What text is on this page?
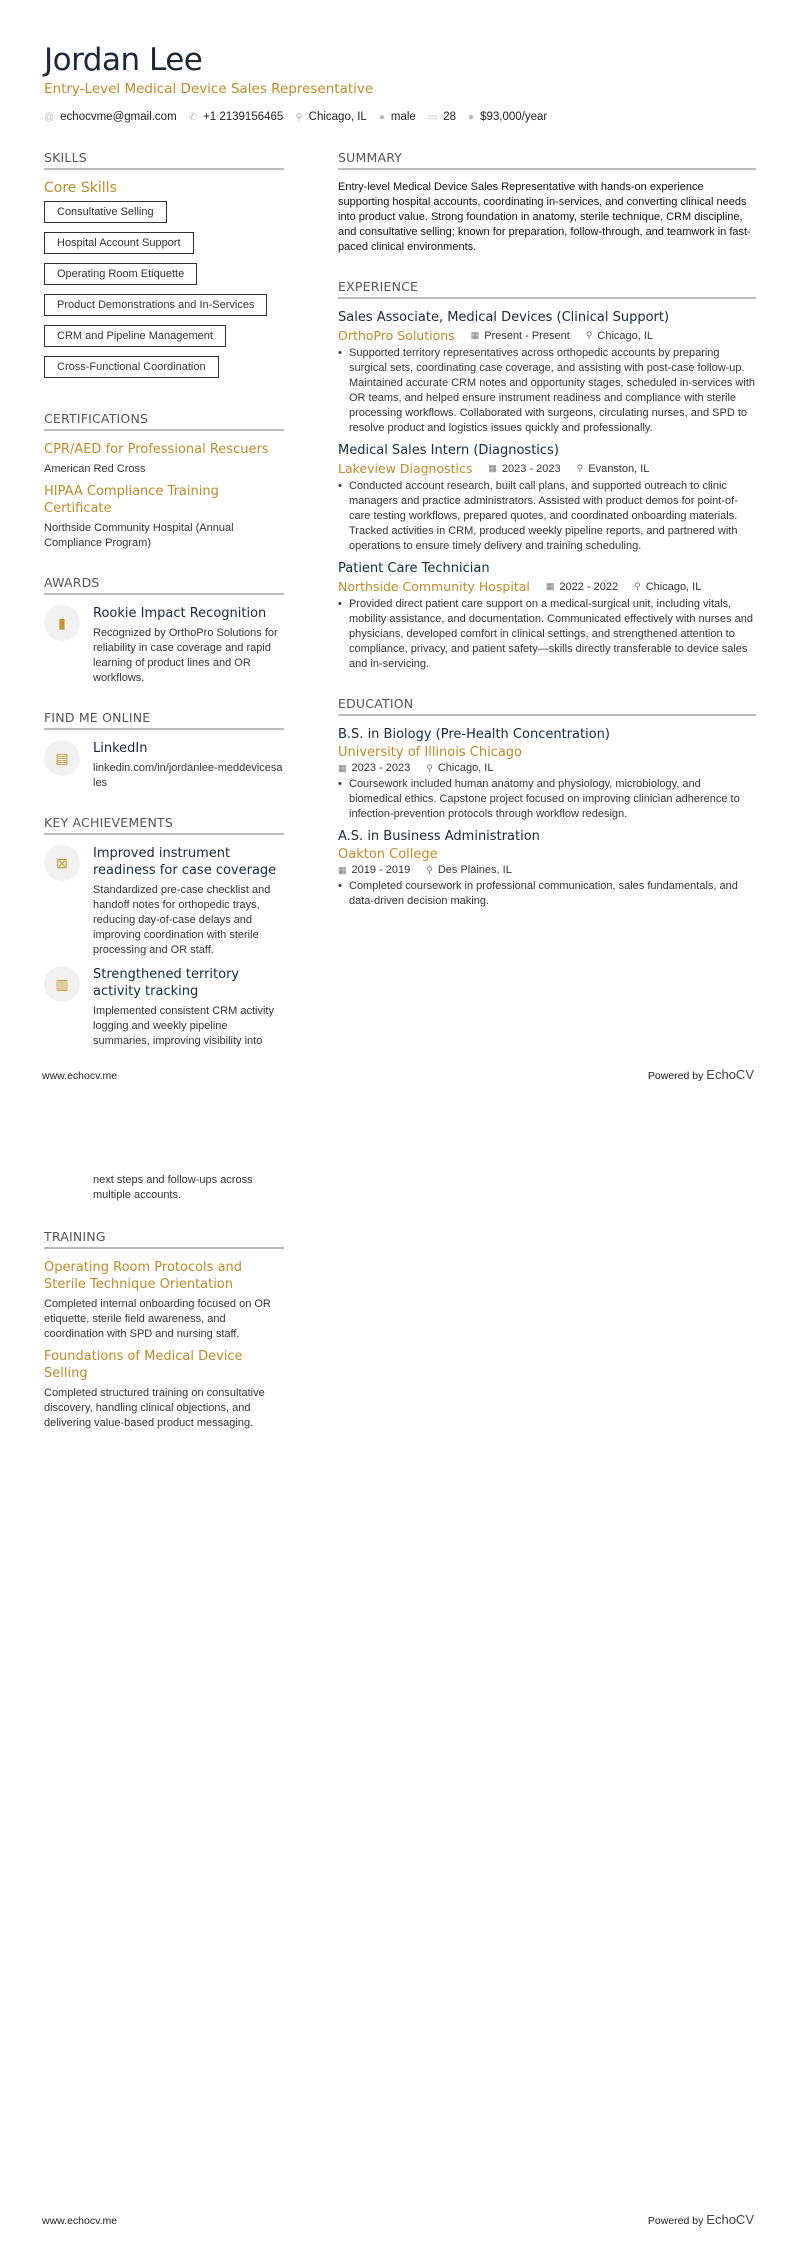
Jordan Lee
Entry-Level Medical Device Sales Representative
@ echocvme@gmail.com ✆ +1 2139156465 ⚲ Chicago, IL ● male ▭ 28 ● $93,000/year
SKILLS
Core Skills
Consultative Selling
Hospital Account Support
Operating Room Etiquette
Product Demonstrations and In-Services
CRM and Pipeline Management
Cross-Functional Coordination
CERTIFICATIONS
CPR/AED for Professional Rescuers
American Red Cross
HIPAA Compliance Training Certificate
Northside Community Hospital (Annual Compliance Program)
AWARDS
▮
Rookie Impact Recognition
Recognized by OrthoPro Solutions for reliability in case coverage and rapid learning of product lines and OR workflows.
FIND ME ONLINE
▤
LinkedIn
linkedin.com/in/jordanlee-meddevicesales
KEY ACHIEVEMENTS
⊠
Improved instrument readiness for case coverage
Standardized pre-case checklist and handoff notes for orthopedic trays, reducing day-of-case delays and improving coordination with sterile processing and OR staff.
▥
Strengthened territory activity tracking
Implemented consistent CRM activity logging and weekly pipeline summaries, improving visibility into
SUMMARY
Entry-level Medical Device Sales Representative with hands-on experience supporting hospital accounts, coordinating in-services, and converting clinical needs into product value. Strong foundation in anatomy, sterile technique, CRM discipline, and consultative selling; known for preparation, follow-through, and teamwork in fast-paced clinical environments.
EXPERIENCE
Sales Associate, Medical Devices (Clinical Support)
OrthoPro Solutions ▦ Present - Present ⚲ Chicago, IL
• Supported territory representatives across orthopedic accounts by preparing surgical sets, coordinating case coverage, and assisting with post-case follow-up. Maintained accurate CRM notes and opportunity stages, scheduled in-services with OR teams, and helped ensure instrument readiness and compliance with sterile processing workflows. Collaborated with surgeons, circulating nurses, and SPD to resolve product and logistics issues quickly and professionally.
Medical Sales Intern (Diagnostics)
Lakeview Diagnostics ▦ 2023 - 2023 ⚲ Evanston, IL
• Conducted account research, built call plans, and supported outreach to clinic managers and practice administrators. Assisted with product demos for point-of-care testing workflows, prepared quotes, and coordinated onboarding materials. Tracked activities in CRM, produced weekly pipeline reports, and partnered with operations to ensure timely delivery and training scheduling.
Patient Care Technician
Northside Community Hospital ▦ 2022 - 2022 ⚲ Chicago, IL
• Provided direct patient care support on a medical-surgical unit, including vitals, mobility assistance, and documentation. Communicated effectively with nurses and physicians, developed comfort in clinical settings, and strengthened attention to compliance, privacy, and patient safety—skills directly transferable to device sales and in-servicing.
EDUCATION
B.S. in Biology (Pre-Health Concentration)
University of Illinois Chicago
▦ 2023 - 2023 ⚲ Chicago, IL
• Coursework included human anatomy and physiology, microbiology, and biomedical ethics. Capstone project focused on improving clinician adherence to infection-prevention protocols through workflow redesign.
A.S. in Business Administration
Oakton College
▦ 2019 - 2019 ⚲ Des Plaines, IL
• Completed coursework in professional communication, sales fundamentals, and data-driven decision making.
www.echocv.me	Powered by EchoCV
next steps and follow-ups across multiple accounts.
TRAINING
Operating Room Protocols and Sterile Technique Orientation
Completed internal onboarding focused on OR etiquette, sterile field awareness, and coordination with SPD and nursing staff.
Foundations of Medical Device Selling
Completed structured training on consultative discovery, handling clinical objections, and delivering value-based product messaging.
www.echocv.me	Powered by EchoCV
